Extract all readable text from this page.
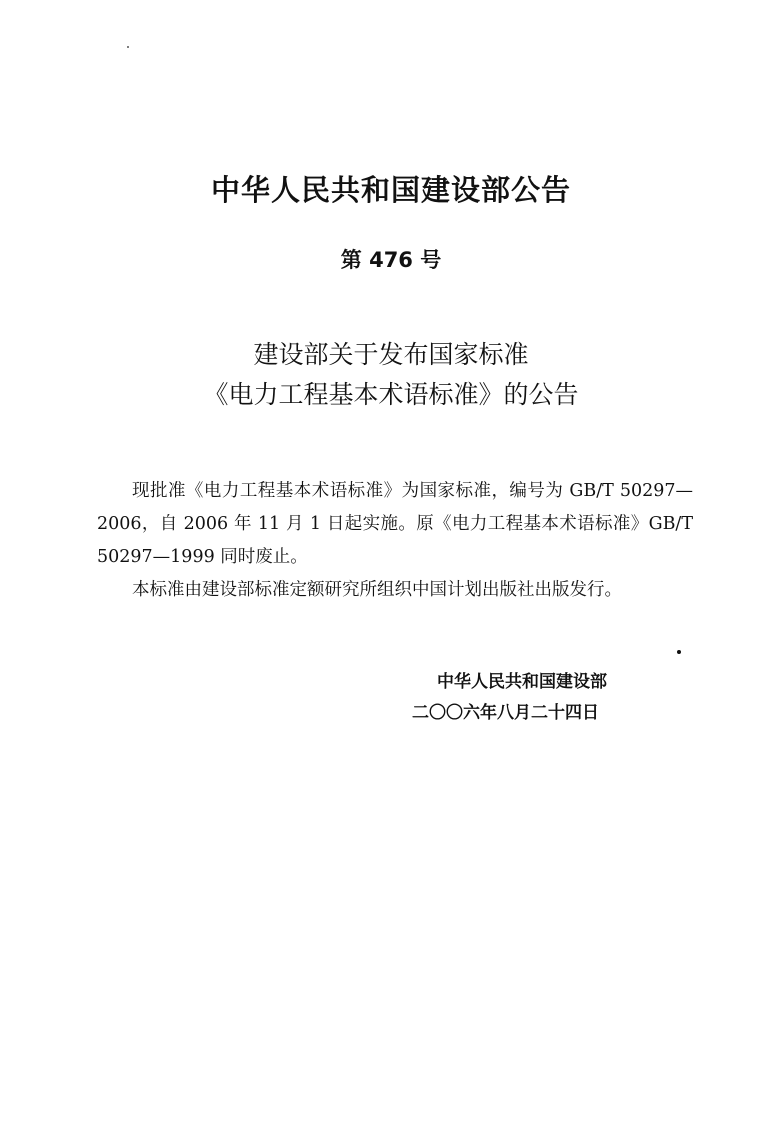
中华人民共和国建设部公告
第 476 号
建设部关于发布国家标准
《电力工程基本术语标准》的公告

现批准《电力工程基本术语标准》为国家标准，编号为 GB/T 50297—2006，自 2006 年 11 月 1 日起实施。原《电力工程基本术语标准》GB/T 50297—1999 同时废止。

本标准由建设部标准定额研究所组织中国计划出版社出版发行。

中华人民共和国建设部
二〇〇六年八月二十四日
